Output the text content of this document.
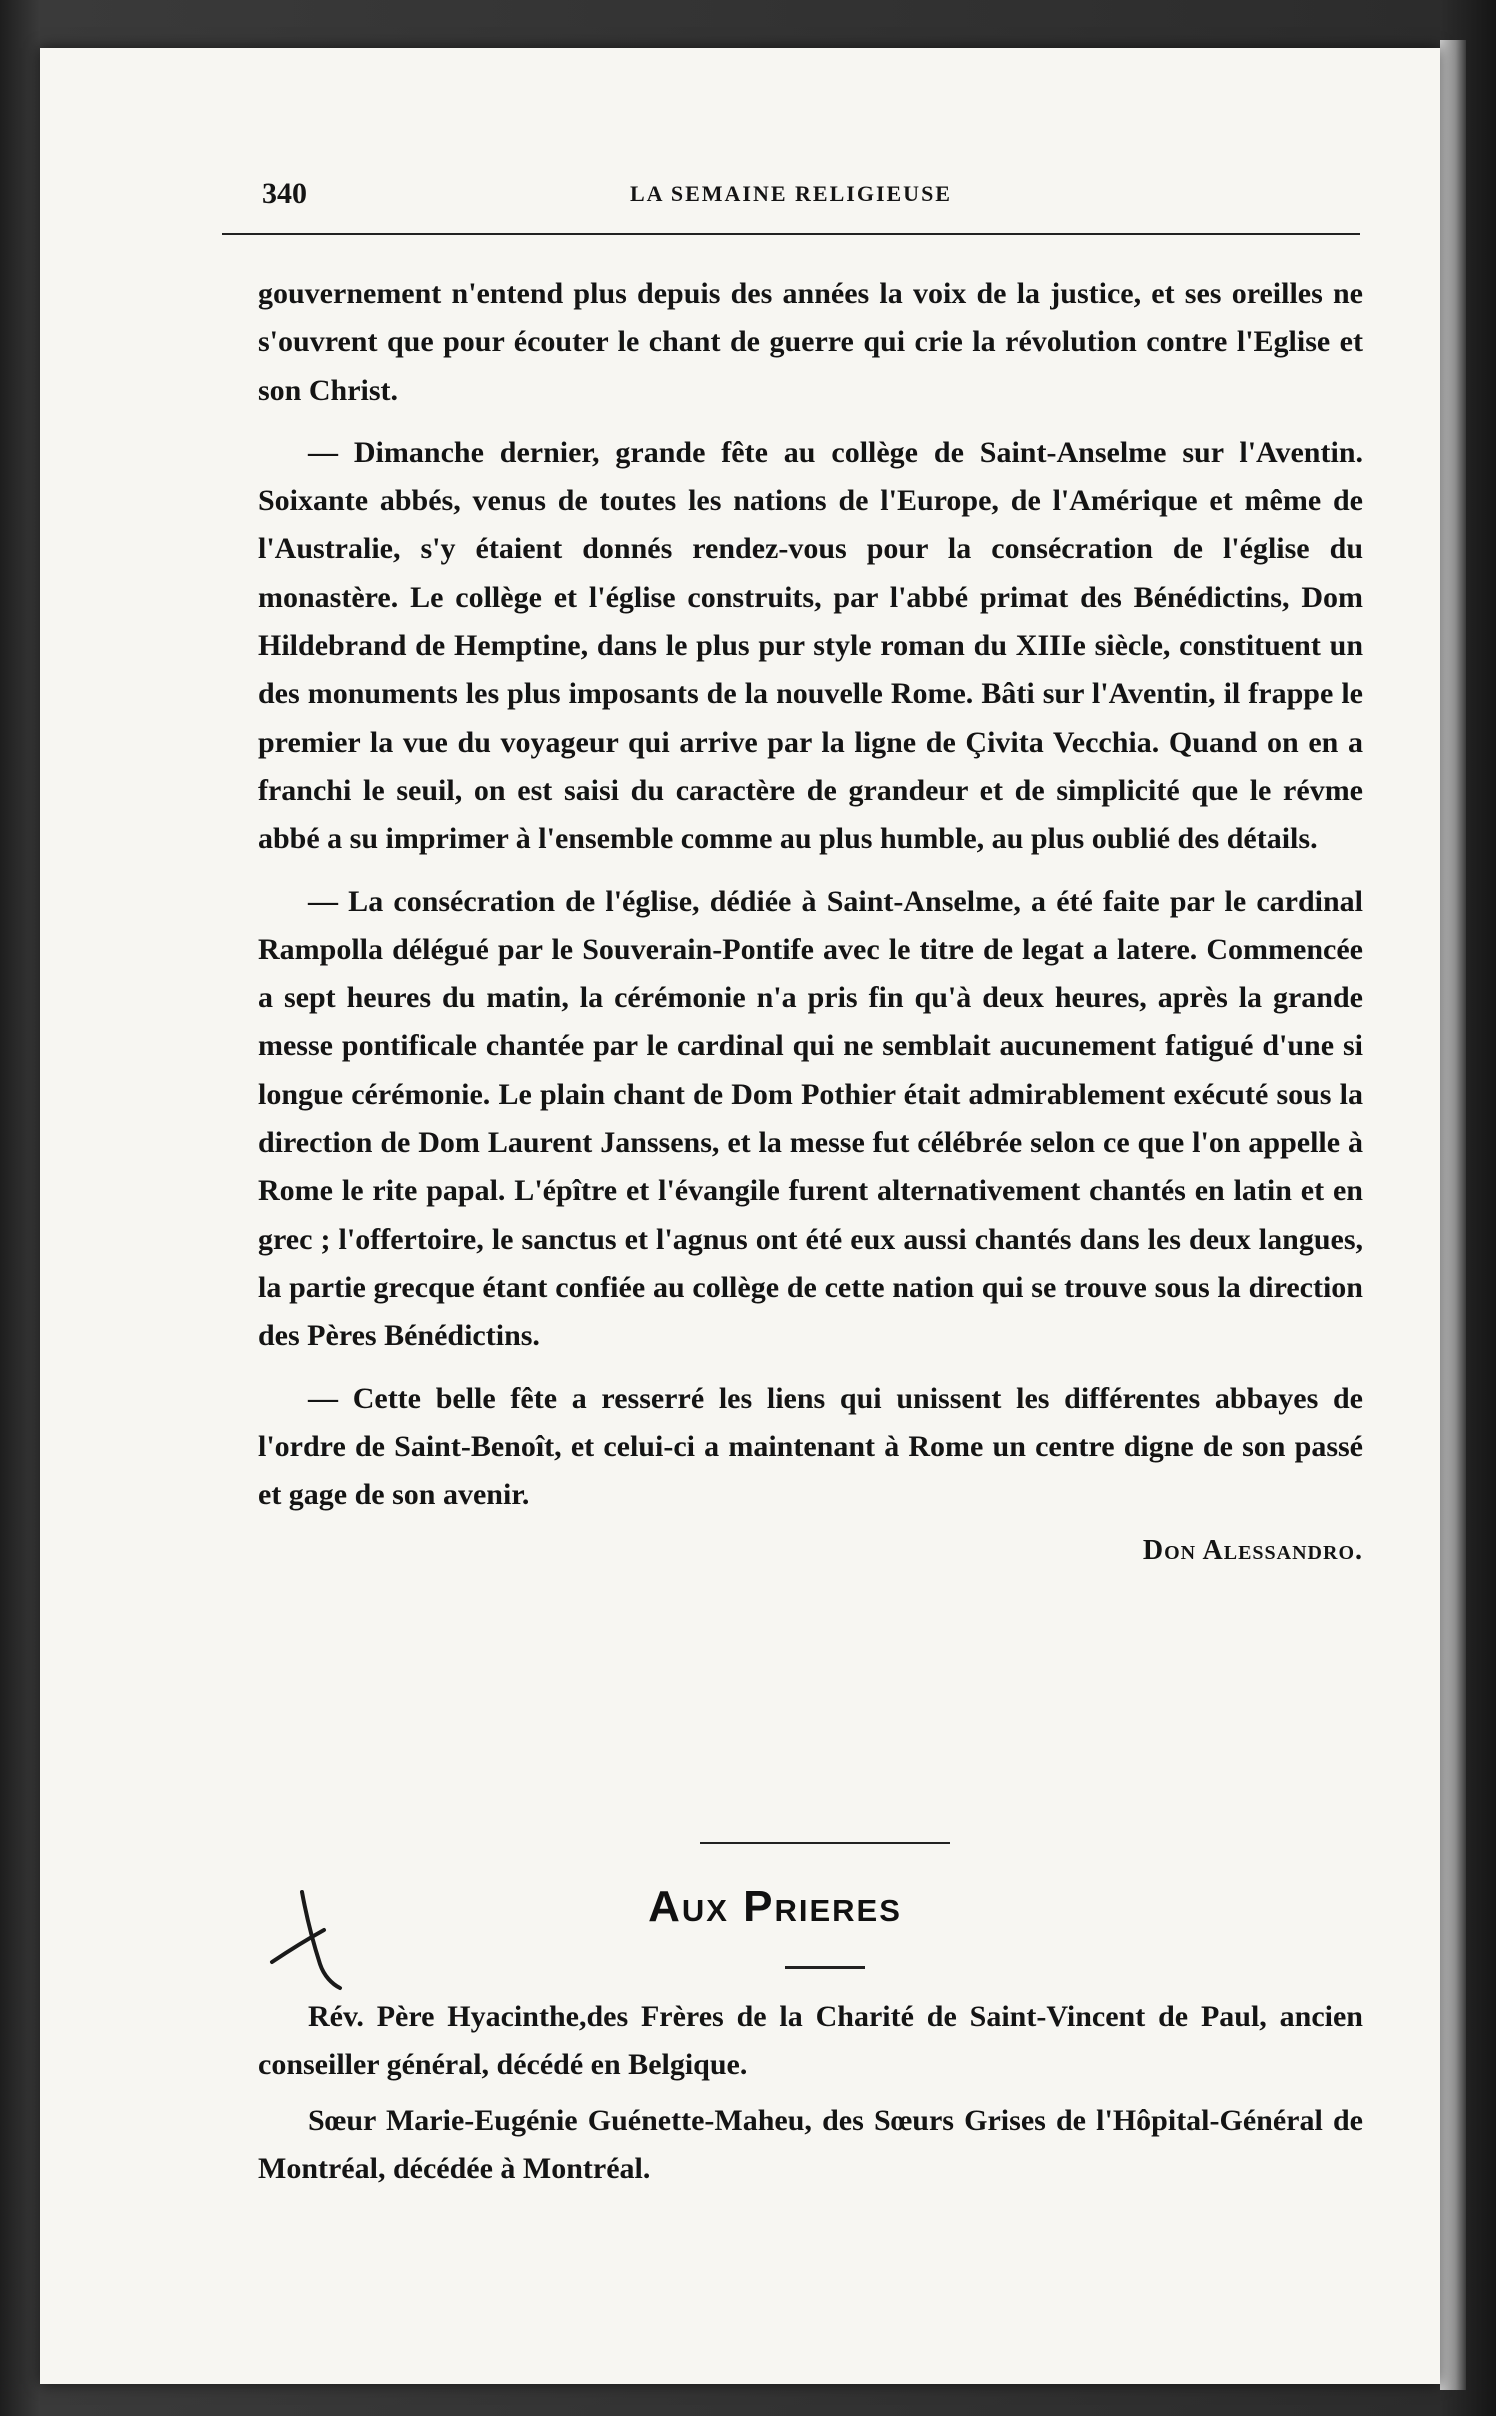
340	LA SEMAINE RELIGIEUSE

gouvernement n'entend plus depuis des années la voix de la justice, et ses oreilles ne s'ouvrent que pour écouter le chant de guerre qui crie la révolution contre l'Eglise et son Christ.

— Dimanche dernier, grande fête au collège de Saint-Anselme sur l'Aventin. Soixante abbés, venus de toutes les nations de l'Europe, de l'Amérique et même de l'Australie, s'y étaient donnés rendez-vous pour la consécration de l'église du monastère. Le collège et l'église construits, par l'abbé primat des Bénédictins, Dom Hildebrand de Hemptine, dans le plus pur style roman du XIIIe siècle, constituent un des monuments les plus imposants de la nouvelle Rome. Bâti sur l'Aventin, il frappe le premier la vue du voyageur qui arrive par la ligne de Çivita Vecchia. Quand on en a franchi le seuil, on est saisi du caractère de grandeur et de simplicité que le révme abbé a su imprimer à l'ensemble comme au plus humble, au plus oublié des détails.

— La consécration de l'église, dédiée à Saint-Anselme, a été faite par le cardinal Rampolla délégué par le Souverain-Pontife avec le titre de legat a latere. Commencée a sept heures du matin, la cérémonie n'a pris fin qu'à deux heures, après la grande messe pontificale chantée par le cardinal qui ne semblait aucunement fatigué d'une si longue cérémonie. Le plain chant de Dom Pothier était admirablement exécuté sous la direction de Dom Laurent Janssens, et la messe fut célébrée selon ce que l'on appelle à Rome le rite papal. L'épître et l'évangile furent alternativement chantés en latin et en grec ; l'offertoire, le sanctus et l'agnus ont été eux aussi chantés dans les deux langues, la partie grecque étant confiée au collège de cette nation qui se trouve sous la direction des Pères Bénédictins.

— Cette belle fête a resserré les liens qui unissent les différentes abbayes de l'ordre de Saint-Benoît, et celui-ci a maintenant à Rome un centre digne de son passé et gage de son avenir.

Don Alessandro.
Aux Prieres

Rév. Père Hyacinthe,des Frères de la Charité de Saint-Vincent de Paul, ancien conseiller général, décédé en Belgique.

Sœur Marie-Eugénie Guénette-Maheu, des Sœurs Grises de l'Hôpital-Général de Montréal, décédée à Montréal.
